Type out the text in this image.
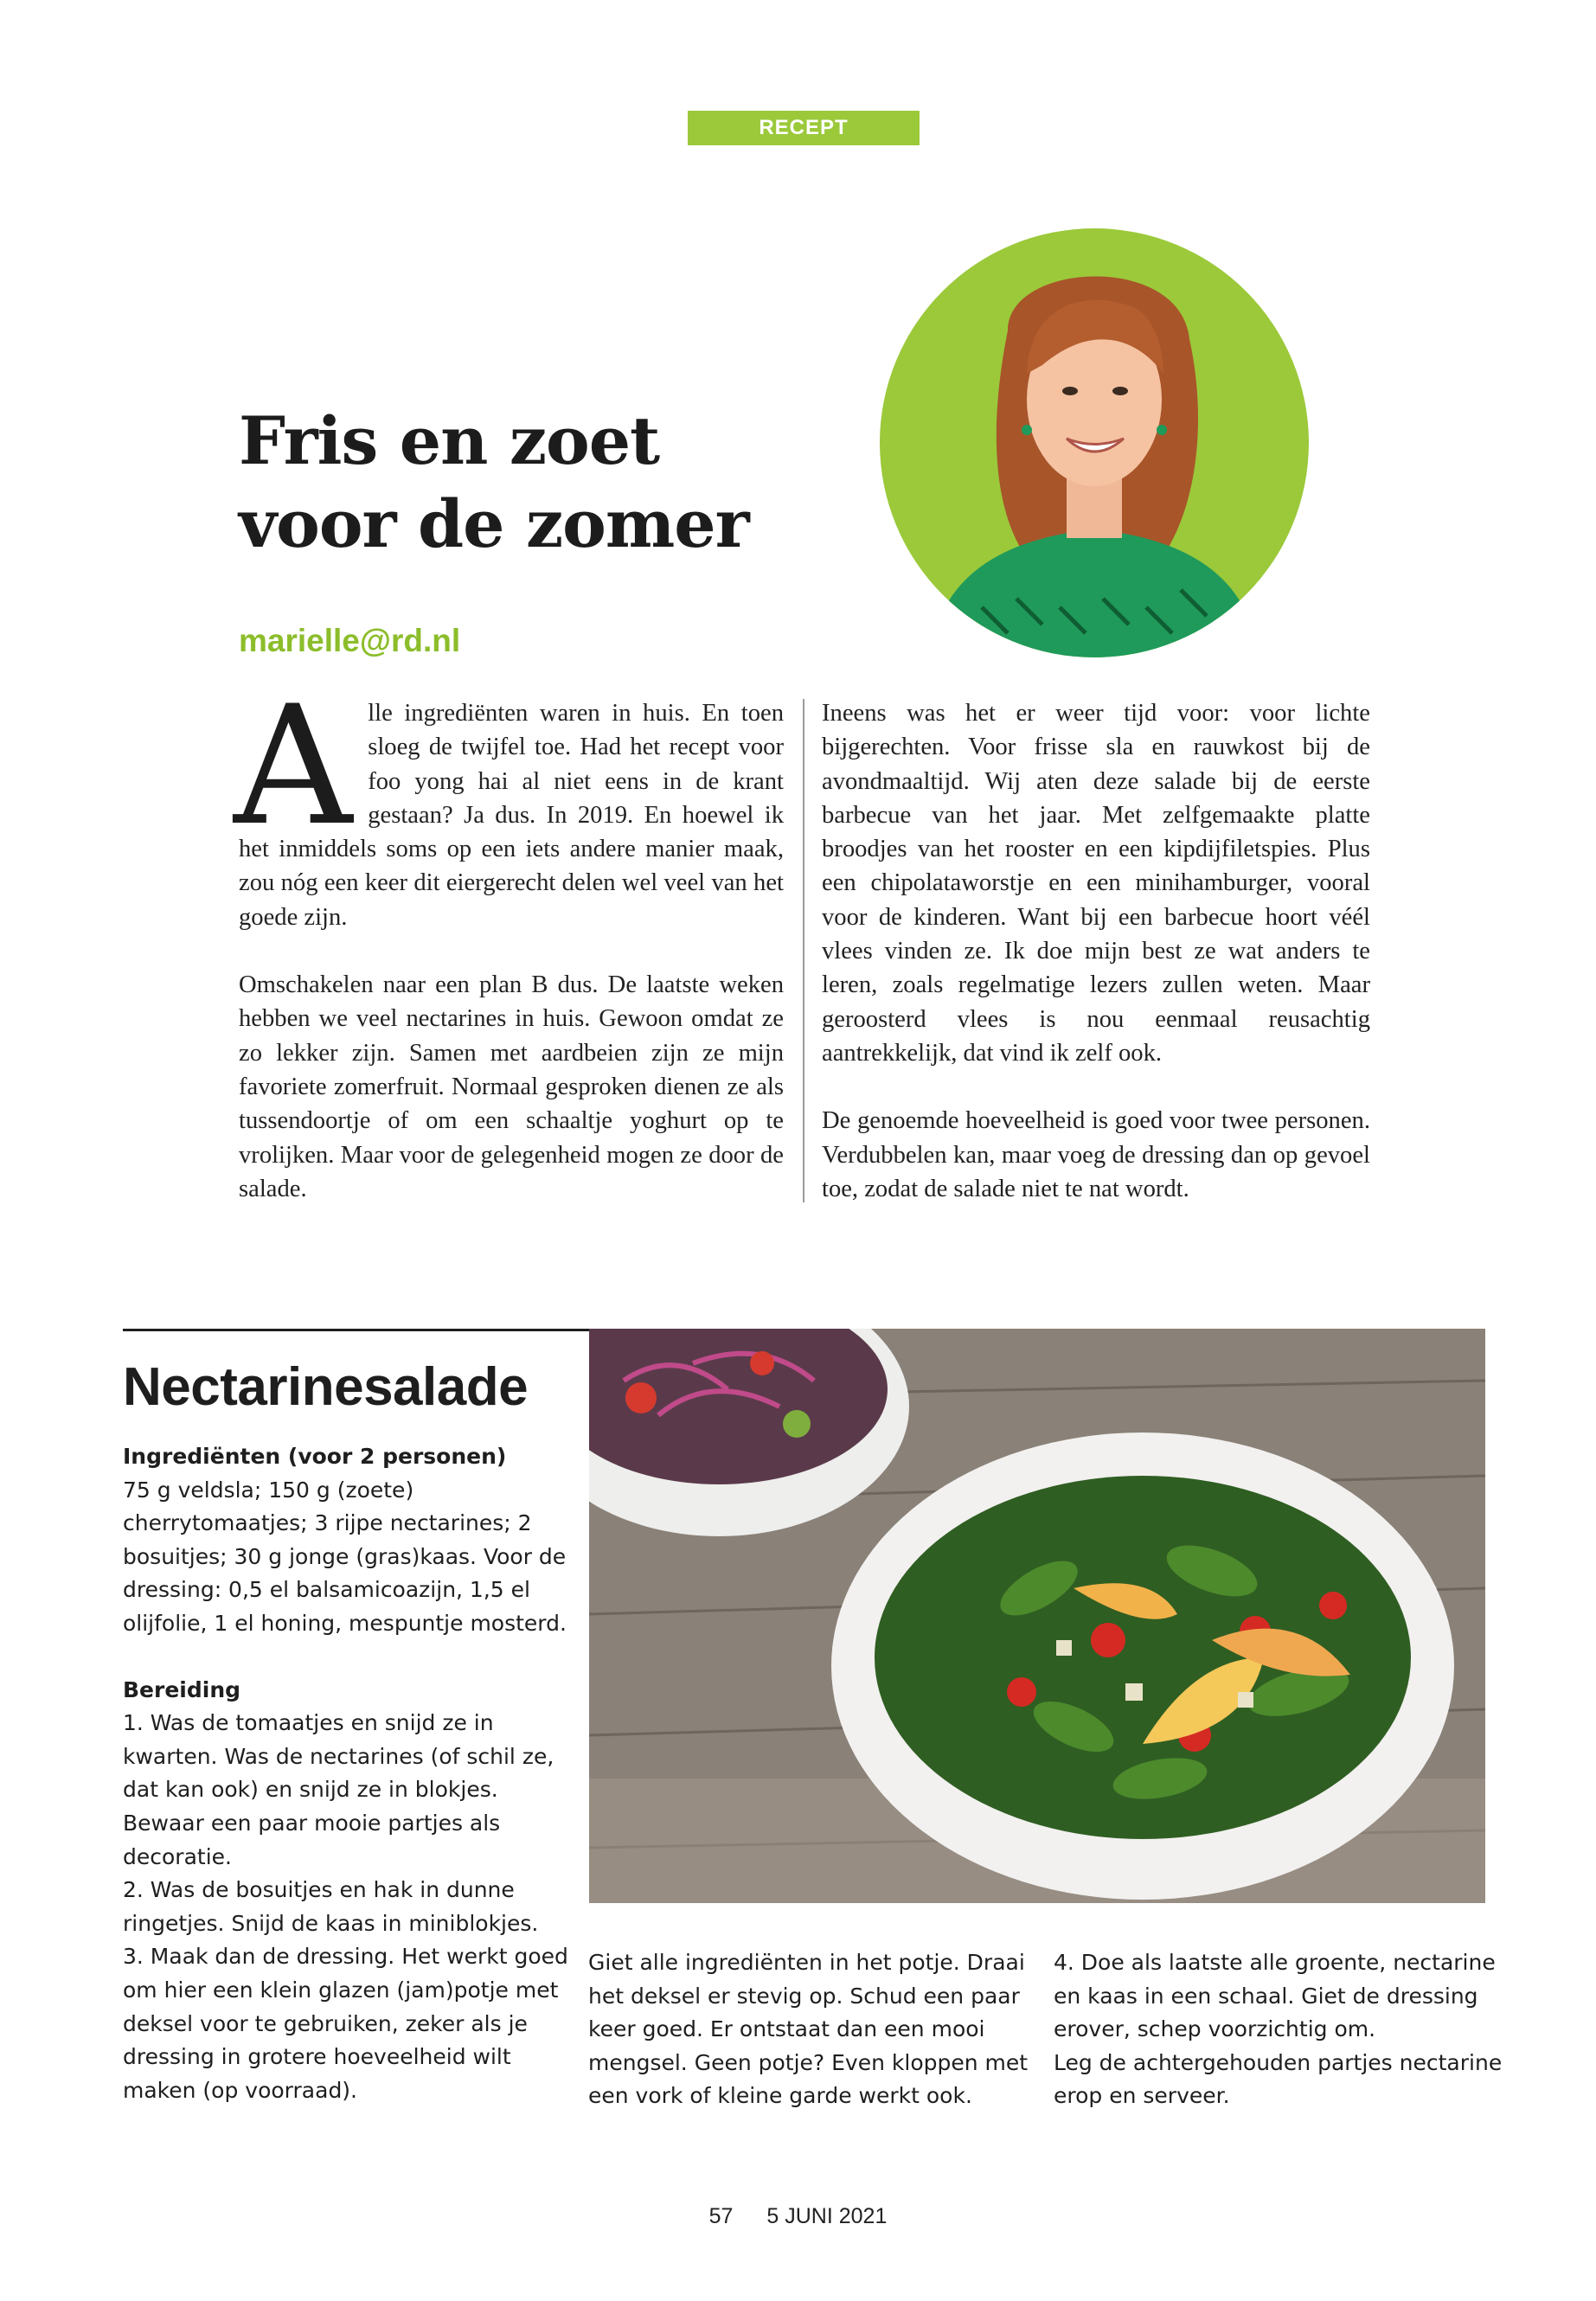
RECEPT
Fris en zoet
voor de zomer
marielle@rd.nl

Alle ingrediënten waren in huis. En toen sloeg de twijfel toe. Had het recept voor foo yong hai al niet eens in de krant gestaan? Ja dus. In 2019. En hoewel ik het inmiddels soms op een iets andere manier maak, zou nóg een keer dit eiergerecht delen wel veel van het goede zijn.

Omschakelen naar een plan B dus. De laatste weken hebben we veel nectarines in huis. Gewoon omdat ze zo lekker zijn. Samen met aardbeien zijn ze mijn favoriete zomerfruit. Normaal gesproken dienen ze als tussendoortje of om een schaaltje yoghurt op te vrolijken. Maar voor de gelegenheid mogen ze door de salade.

Ineens was het er weer tijd voor: voor lichte bijgerechten. Voor frisse sla en rauwkost bij de avondmaaltijd. Wij aten deze salade bij de eerste barbecue van het jaar. Met zelfgemaakte platte broodjes van het rooster en een kipdijfiletspies. Plus een chipolataworstje en een minihamburger, vooral voor de kinderen. Want bij een barbecue hoort véél vlees vinden ze. Ik doe mijn best ze wat anders te leren, zoals regelmatige lezers zullen weten. Maar geroosterd vlees is nou eenmaal reusachtig aantrekkelijk, dat vind ik zelf ook.

De genoemde hoeveelheid is goed voor twee personen. Verdubbelen kan, maar voeg de dressing dan op gevoel toe, zodat de salade niet te nat wordt.

Nectarinesalade
Ingrediënten (voor 2 personen)
75 g veldsla; 150 g (zoete) cherrytomaatjes; 3 rijpe nectarines; 2 bosuitjes; 30 g jonge (gras)kaas. Voor de dressing: 0,5 el balsamicoazijn, 1,5 el olijfolie, 1 el honing, mespuntje mosterd.
Bereiding
1. Was de tomaatjes en snijd ze in kwarten. Was de nectarines (of schil ze, dat kan ook) en snijd ze in blokjes. Bewaar een paar mooie partjes als decoratie.
2. Was de bosuitjes en hak in dunne ringetjes. Snijd de kaas in miniblokjes.
3. Maak dan de dressing. Het werkt goed om hier een klein glazen (jam)potje met deksel voor te gebruiken, zeker als je dressing in grotere hoeveelheid wilt maken (op voorraad).
Giet alle ingrediënten in het potje. Draai het deksel er stevig op. Schud een paar keer goed. Er ontstaat dan een mooi mengsel. Geen potje? Even kloppen met een vork of kleine garde werkt ook.
4. Doe als laatste alle groente, nectarine en kaas in een schaal. Giet de dressing erover, schep voorzichtig om.
Leg de achtergehouden partjes nectarine erop en serveer.
57 5 JUNI 2021
